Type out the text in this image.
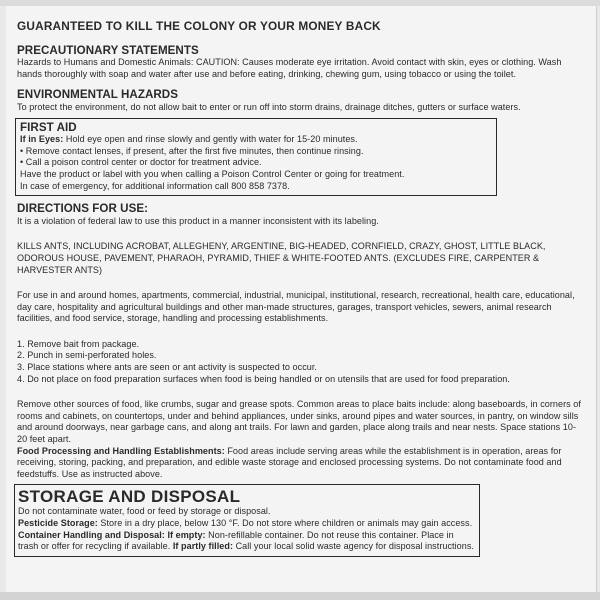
GUARANTEED TO KILL THE COLONY OR YOUR MONEY BACK
PRECAUTIONARY STATEMENTS

Hazards to Humans and Domestic Animals: CAUTION: Causes moderate eye irritation. Avoid contact with skin, eyes or clothing. Wash hands thoroughly with soap and water after use and before eating, drinking, chewing gum, using tobacco or using the toilet.

ENVIRONMENTAL HAZARDS

To protect the environment, do not allow bait to enter or run off into storm drains, drainage ditches, gutters or surface waters.

FIRST AID

If in Eyes: Hold eye open and rinse slowly and gently with water for 15-20 minutes.

• Remove contact lenses, if present, after the first five minutes, then continue rinsing.

• Call a poison control center or doctor for treatment advice.

Have the product or label with you when calling a Poison Control Center or going for treatment.

In case of emergency, for additional information call 800 858 7378.

DIRECTIONS FOR USE:

It is a violation of federal law to use this product in a manner inconsistent with its labeling.

KILLS ANTS, INCLUDING ACROBAT, ALLEGHENY, ARGENTINE, BIG-HEADED, CORNFIELD, CRAZY, GHOST, LITTLE BLACK, ODOROUS HOUSE, PAVEMENT, PHARAOH, PYRAMID, THIEF & WHITE-FOOTED ANTS. (EXCLUDES FIRE, CARPENTER & HARVESTER ANTS)

For use in and around homes, apartments, commercial, industrial, municipal, institutional, research, recreational, health care, educational, day care, hospitality and agricultural buildings and other man-made structures, garages, transport vehicles, sewers, animal research facilities, and food service, storage, handling and processing establishments.

1. Remove bait from package.

2. Punch in semi-perforated holes.

3. Place stations where ants are seen or ant activity is suspected to occur.

4. Do not place on food preparation surfaces when food is being handled or on utensils that are used for food preparation.

Remove other sources of food, like crumbs, sugar and grease spots. Common areas to place baits include: along baseboards, in corners of rooms and cabinets, on countertops, under and behind appliances, under sinks, around pipes and water sources, in pantry, on window sills and around doorways, near garbage cans, and along ant trails. For lawn and garden, place along trails and near nests. Space stations 10-20 feet apart.

Food Processing and Handling Establishments: Food areas include serving areas while the establishment is in operation, areas for receiving, storing, packing, and preparation, and edible waste storage and enclosed processing systems. Do not contaminate food and feedstuffs. Use as instructed above.

STORAGE AND DISPOSAL

Do not contaminate water, food or feed by storage or disposal.

Pesticide Storage: Store in a dry place, below 130 °F. Do not store where children or animals may gain access.

Container Handling and Disposal: If empty: Non-refillable container. Do not reuse this container. Place in trash or offer for recycling if available. If partly filled: Call your local solid waste agency for disposal instructions.
